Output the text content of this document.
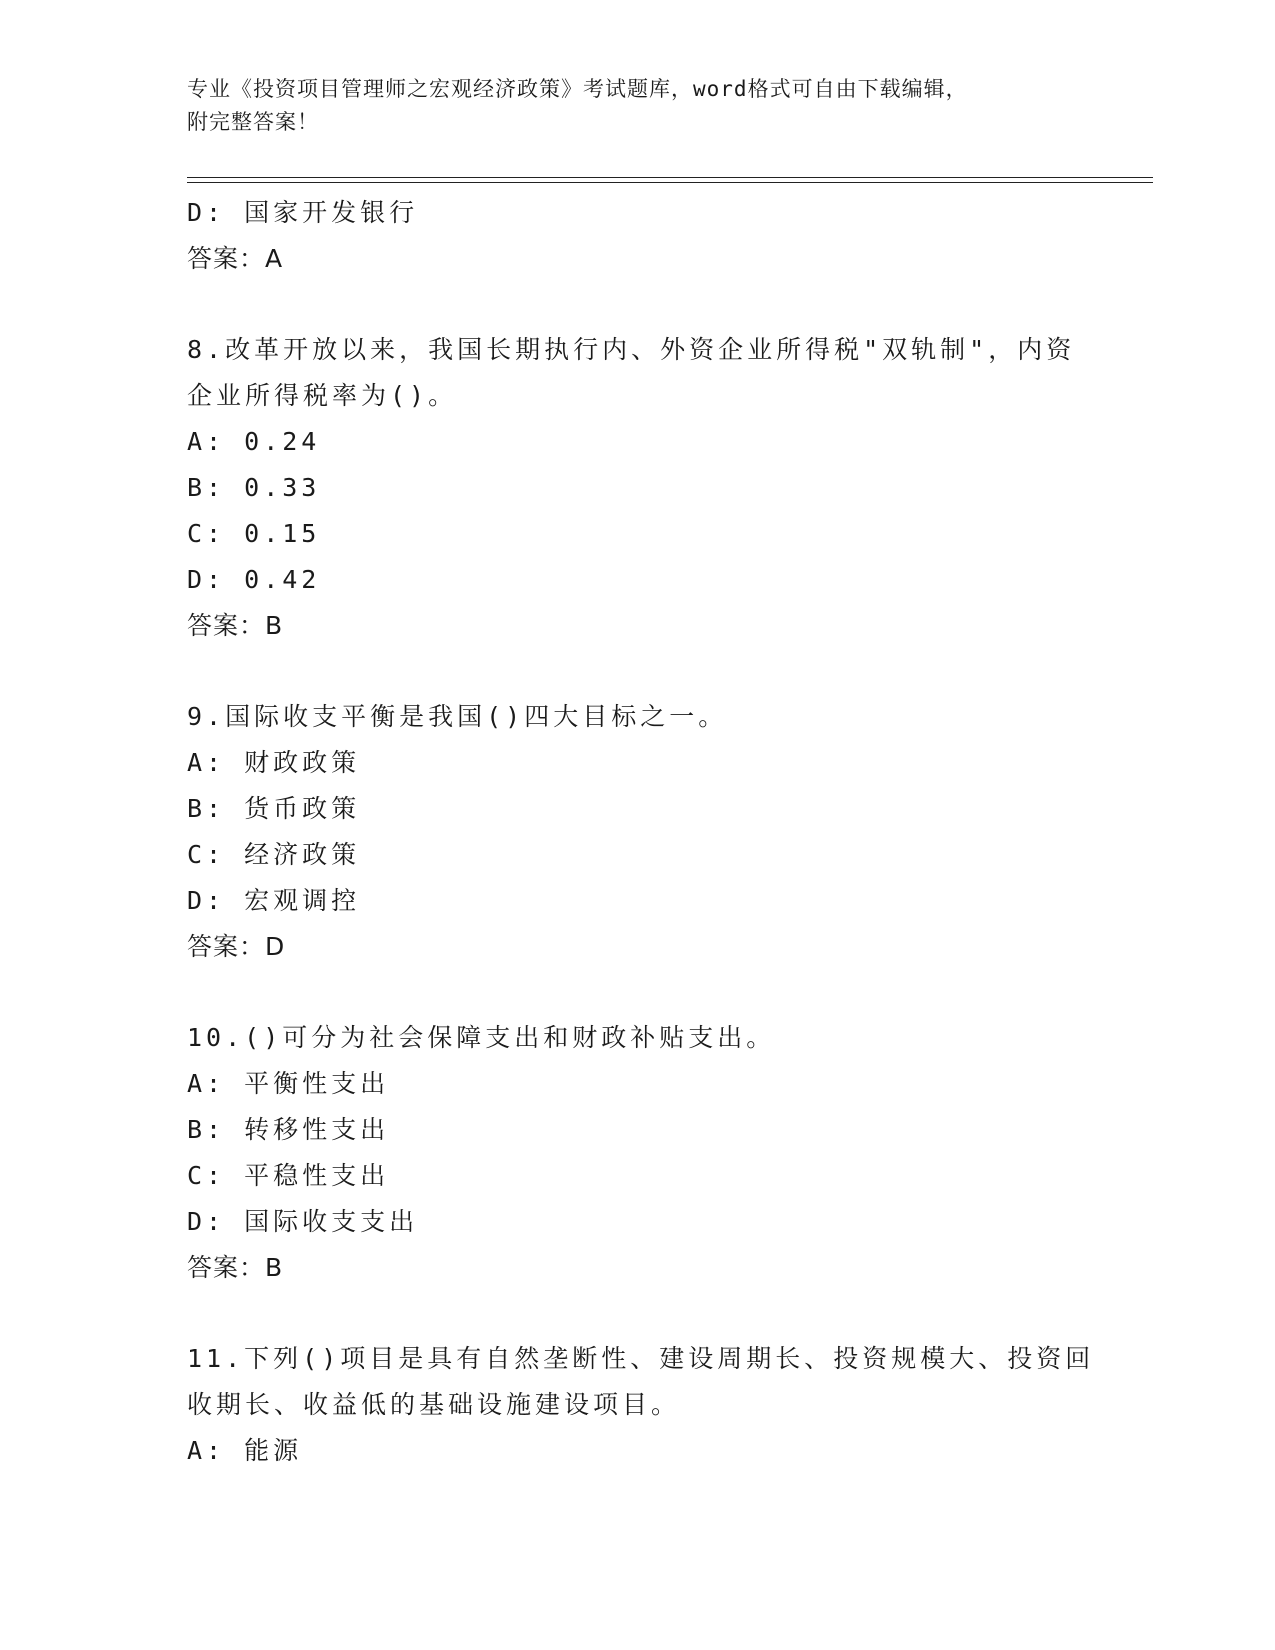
专业《投资项目管理师之宏观经济政策》考试题库，word格式可自由下载编辑，
附完整答案！
D: 国家开发银行
答案：A
8.改革开放以来，我国长期执行内、外资企业所得税"双轨制"，内资
企业所得税率为()。
A: 0.24
B: 0.33
C: 0.15
D: 0.42
答案：B
9.国际收支平衡是我国()四大目标之一。
A: 财政政策
B: 货币政策
C: 经济政策
D: 宏观调控
答案：D
10.()可分为社会保障支出和财政补贴支出。
A: 平衡性支出
B: 转移性支出
C: 平稳性支出
D: 国际收支支出
答案：B
11.下列()项目是具有自然垄断性、建设周期长、投资规模大、投资回
收期长、收益低的基础设施建设项目。
A: 能源
